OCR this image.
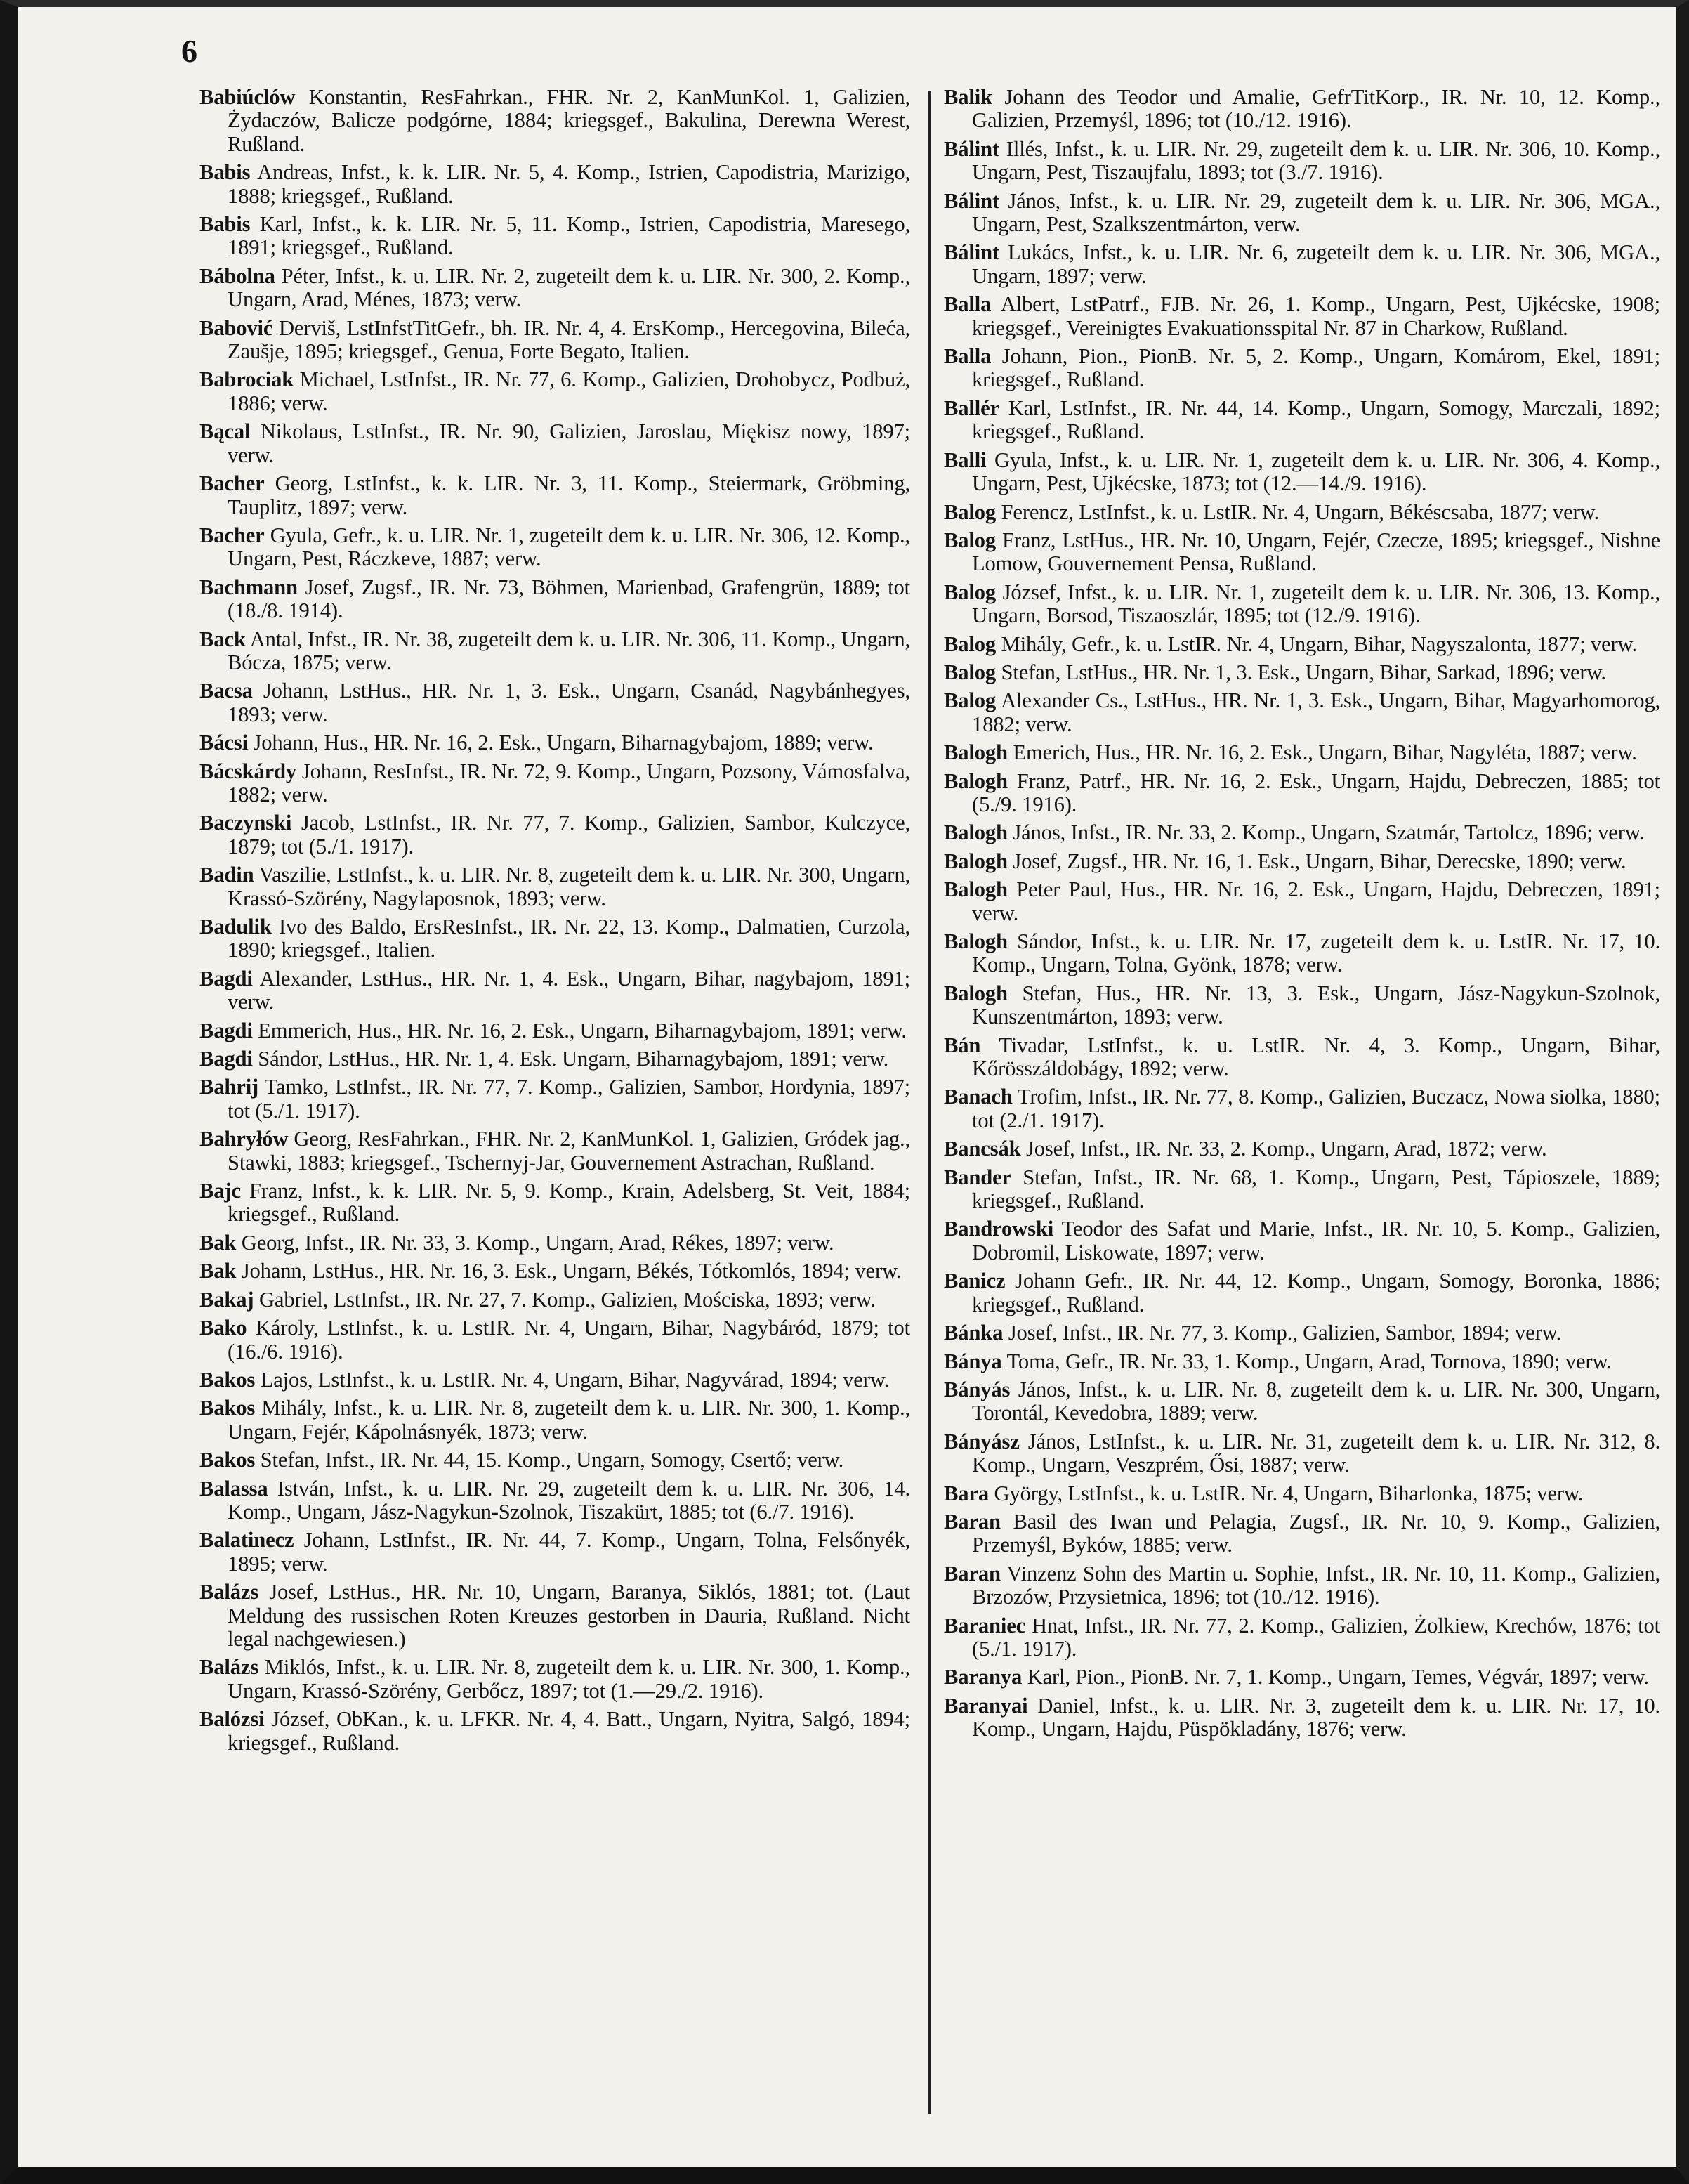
6

Babiúclów Konstantin, ResFahrkan., FHR. Nr. 2, KanMunKol. 1, Galizien, Żydaczów, Balicze podgórne, 1884; kriegsgef., Bakulina, Derewna Werest, Rußland.

Babis Andreas, Infst., k. k. LIR. Nr. 5, 4. Komp., Istrien, Capodistria, Marizigo, 1888; kriegsgef., Rußland.

Babis Karl, Infst., k. k. LIR. Nr. 5, 11. Komp., Istrien, Capodistria, Maresego, 1891; kriegsgef., Rußland.

Bábolna Péter, Infst., k. u. LIR. Nr. 2, zugeteilt dem k. u. LIR. Nr. 300, 2. Komp., Ungarn, Arad, Ménes, 1873; verw.

Babović Derviš, LstInfstTitGefr., bh. IR. Nr. 4, 4. ErsKomp., Hercegovina, Bileća, Zaušje, 1895; kriegsgef., Genua, Forte Begato, Italien.

Babrociak Michael, LstInfst., IR. Nr. 77, 6. Komp., Galizien, Drohobycz, Podbuż, 1886; verw.

Bącal Nikolaus, LstInfst., IR. Nr. 90, Galizien, Jaroslau, Miękisz nowy, 1897; verw.

Bacher Georg, LstInfst., k. k. LIR. Nr. 3, 11. Komp., Steiermark, Gröbming, Tauplitz, 1897; verw.

Bacher Gyula, Gefr., k. u. LIR. Nr. 1, zugeteilt dem k. u. LIR. Nr. 306, 12. Komp., Ungarn, Pest, Ráczkeve, 1887; verw.

Bachmann Josef, Zugsf., IR. Nr. 73, Böhmen, Marienbad, Grafengrün, 1889; tot (18./8. 1914).

Back Antal, Infst., IR. Nr. 38, zugeteilt dem k. u. LIR. Nr. 306, 11. Komp., Ungarn, Bócza, 1875; verw.

Bacsa Johann, LstHus., HR. Nr. 1, 3. Esk., Ungarn, Csanád, Nagybánhegyes, 1893; verw.

Bácsi Johann, Hus., HR. Nr. 16, 2. Esk., Ungarn, Biharnagybajom, 1889; verw.

Bácskárdy Johann, ResInfst., IR. Nr. 72, 9. Komp., Ungarn, Pozsony, Vámosfalva, 1882; verw.

Baczynski Jacob, LstInfst., IR. Nr. 77, 7. Komp., Galizien, Sambor, Kulczyce, 1879; tot (5./1. 1917).

Badin Vaszilie, LstInfst., k. u. LIR. Nr. 8, zugeteilt dem k. u. LIR. Nr. 300, Ungarn, Krassó-Szörény, Nagylaposnok, 1893; verw.

Badulik Ivo des Baldo, ErsResInfst., IR. Nr. 22, 13. Komp., Dalmatien, Curzola, 1890; kriegsgef., Italien.

Bagdi Alexander, LstHus., HR. Nr. 1, 4. Esk., Ungarn, Bihar, nagybajom, 1891; verw.

Bagdi Emmerich, Hus., HR. Nr. 16, 2. Esk., Ungarn, Biharnagybajom, 1891; verw.

Bagdi Sándor, LstHus., HR. Nr. 1, 4. Esk. Ungarn, Biharnagybajom, 1891; verw.

Bahrij Tamko, LstInfst., IR. Nr. 77, 7. Komp., Galizien, Sambor, Hordynia, 1897; tot (5./1. 1917).

Bahryłów Georg, ResFahrkan., FHR. Nr. 2, KanMunKol. 1, Galizien, Gródek jag., Stawki, 1883; kriegsgef., Tschernyj-Jar, Gouvernement Astrachan, Rußland.

Bajc Franz, Infst., k. k. LIR. Nr. 5, 9. Komp., Krain, Adelsberg, St. Veit, 1884; kriegsgef., Rußland.

Bak Georg, Infst., IR. Nr. 33, 3. Komp., Ungarn, Arad, Rékes, 1897; verw.

Bak Johann, LstHus., HR. Nr. 16, 3. Esk., Ungarn, Békés, Tótkomlós, 1894; verw.

Bakaj Gabriel, LstInfst., IR. Nr. 27, 7. Komp., Galizien, Mościska, 1893; verw.

Bako Károly, LstInfst., k. u. LstIR. Nr. 4, Ungarn, Bihar, Nagybáród, 1879; tot (16./6. 1916).

Bakos Lajos, LstInfst., k. u. LstIR. Nr. 4, Ungarn, Bihar, Nagyvárad, 1894; verw.

Bakos Mihály, Infst., k. u. LIR. Nr. 8, zugeteilt dem k. u. LIR. Nr. 300, 1. Komp., Ungarn, Fejér, Kápolnásnyék, 1873; verw.

Bakos Stefan, Infst., IR. Nr. 44, 15. Komp., Ungarn, Somogy, Csertő; verw.

Balassa István, Infst., k. u. LIR. Nr. 29, zugeteilt dem k. u. LIR. Nr. 306, 14. Komp., Ungarn, Jász-Nagykun-Szolnok, Tiszakürt, 1885; tot (6./7. 1916).

Balatinecz Johann, LstInfst., IR. Nr. 44, 7. Komp., Ungarn, Tolna, Felsőnyék, 1895; verw.

Balázs Josef, LstHus., HR. Nr. 10, Ungarn, Baranya, Siklós, 1881; tot. (Laut Meldung des russischen Roten Kreuzes gestorben in Dauria, Rußland. Nicht legal nachgewiesen.)

Balázs Miklós, Infst., k. u. LIR. Nr. 8, zugeteilt dem k. u. LIR. Nr. 300, 1. Komp., Ungarn, Krassó-Szörény, Gerbőcz, 1897; tot (1.—29./2. 1916).

Balózsi József, ObKan., k. u. LFKR. Nr. 4, 4. Batt., Ungarn, Nyitra, Salgó, 1894; kriegsgef., Rußland.

Balik Johann des Teodor und Amalie, GefrTitKorp., IR. Nr. 10, 12. Komp., Galizien, Przemyśl, 1896; tot (10./12. 1916).

Bálint Illés, Infst., k. u. LIR. Nr. 29, zugeteilt dem k. u. LIR. Nr. 306, 10. Komp., Ungarn, Pest, Tiszaujfalu, 1893; tot (3./7. 1916).

Bálint János, Infst., k. u. LIR. Nr. 29, zugeteilt dem k. u. LIR. Nr. 306, MGA., Ungarn, Pest, Szalkszentmárton, verw.

Bálint Lukács, Infst., k. u. LIR. Nr. 6, zugeteilt dem k. u. LIR. Nr. 306, MGA., Ungarn, 1897; verw.

Balla Albert, LstPatrf., FJB. Nr. 26, 1. Komp., Ungarn, Pest, Ujkécske, 1908; kriegsgef., Vereinigtes Evakuationsspital Nr. 87 in Charkow, Rußland.

Balla Johann, Pion., PionB. Nr. 5, 2. Komp., Ungarn, Komárom, Ekel, 1891; kriegsgef., Rußland.

Ballér Karl, LstInfst., IR. Nr. 44, 14. Komp., Ungarn, Somogy, Marczali, 1892; kriegsgef., Rußland.

Balli Gyula, Infst., k. u. LIR. Nr. 1, zugeteilt dem k. u. LIR. Nr. 306, 4. Komp., Ungarn, Pest, Ujkécske, 1873; tot (12.—14./9. 1916).

Balog Ferencz, LstInfst., k. u. LstIR. Nr. 4, Ungarn, Békéscsaba, 1877; verw.

Balog Franz, LstHus., HR. Nr. 10, Ungarn, Fejér, Czecze, 1895; kriegsgef., Nishne Lomow, Gouvernement Pensa, Rußland.

Balog József, Infst., k. u. LIR. Nr. 1, zugeteilt dem k. u. LIR. Nr. 306, 13. Komp., Ungarn, Borsod, Tiszaoszlár, 1895; tot (12./9. 1916).

Balog Mihály, Gefr., k. u. LstIR. Nr. 4, Ungarn, Bihar, Nagyszalonta, 1877; verw.

Balog Stefan, LstHus., HR. Nr. 1, 3. Esk., Ungarn, Bihar, Sarkad, 1896; verw.

Balog Alexander Cs., LstHus., HR. Nr. 1, 3. Esk., Ungarn, Bihar, Magyarhomorog, 1882; verw.

Balogh Emerich, Hus., HR. Nr. 16, 2. Esk., Ungarn, Bihar, Nagyléta, 1887; verw.

Balogh Franz, Patrf., HR. Nr. 16, 2. Esk., Ungarn, Hajdu, Debreczen, 1885; tot (5./9. 1916).

Balogh János, Infst., IR. Nr. 33, 2. Komp., Ungarn, Szatmár, Tartolcz, 1896; verw.

Balogh Josef, Zugsf., HR. Nr. 16, 1. Esk., Ungarn, Bihar, Derecske, 1890; verw.

Balogh Peter Paul, Hus., HR. Nr. 16, 2. Esk., Ungarn, Hajdu, Debreczen, 1891; verw.

Balogh Sándor, Infst., k. u. LIR. Nr. 17, zugeteilt dem k. u. LstIR. Nr. 17, 10. Komp., Ungarn, Tolna, Gyönk, 1878; verw.

Balogh Stefan, Hus., HR. Nr. 13, 3. Esk., Ungarn, Jász-Nagykun-Szolnok, Kunszentmárton, 1893; verw.

Bán Tivadar, LstInfst., k. u. LstIR. Nr. 4, 3. Komp., Ungarn, Bihar, Kőrösszáldobágy, 1892; verw.

Banach Trofim, Infst., IR. Nr. 77, 8. Komp., Galizien, Buczacz, Nowa siolka, 1880; tot (2./1. 1917).

Bancsák Josef, Infst., IR. Nr. 33, 2. Komp., Ungarn, Arad, 1872; verw.

Bander Stefan, Infst., IR. Nr. 68, 1. Komp., Ungarn, Pest, Tápioszele, 1889; kriegsgef., Rußland.

Bandrowski Teodor des Safat und Marie, Infst., IR. Nr. 10, 5. Komp., Galizien, Dobromil, Liskowate, 1897; verw.

Banicz Johann Gefr., IR. Nr. 44, 12. Komp., Ungarn, Somogy, Boronka, 1886; kriegsgef., Rußland.

Bánka Josef, Infst., IR. Nr. 77, 3. Komp., Galizien, Sambor, 1894; verw.

Bánya Toma, Gefr., IR. Nr. 33, 1. Komp., Ungarn, Arad, Tornova, 1890; verw.

Bányás János, Infst., k. u. LIR. Nr. 8, zugeteilt dem k. u. LIR. Nr. 300, Ungarn, Torontál, Kevedobra, 1889; verw.

Bányász János, LstInfst., k. u. LIR. Nr. 31, zugeteilt dem k. u. LIR. Nr. 312, 8. Komp., Ungarn, Veszprém, Ősi, 1887; verw.

Bara György, LstInfst., k. u. LstIR. Nr. 4, Ungarn, Biharlonka, 1875; verw.

Baran Basil des Iwan und Pelagia, Zugsf., IR. Nr. 10, 9. Komp., Galizien, Przemyśl, Byków, 1885; verw.

Baran Vinzenz Sohn des Martin u. Sophie, Infst., IR. Nr. 10, 11. Komp., Galizien, Brzozów, Przysietnica, 1896; tot (10./12. 1916).

Baraniec Hnat, Infst., IR. Nr. 77, 2. Komp., Galizien, Żolkiew, Krechów, 1876; tot (5./1. 1917).

Baranya Karl, Pion., PionB. Nr. 7, 1. Komp., Ungarn, Temes, Végvár, 1897; verw.

Baranyai Daniel, Infst., k. u. LIR. Nr. 3, zugeteilt dem k. u. LIR. Nr. 17, 10. Komp., Ungarn, Hajdu, Püspökladány, 1876; verw.
